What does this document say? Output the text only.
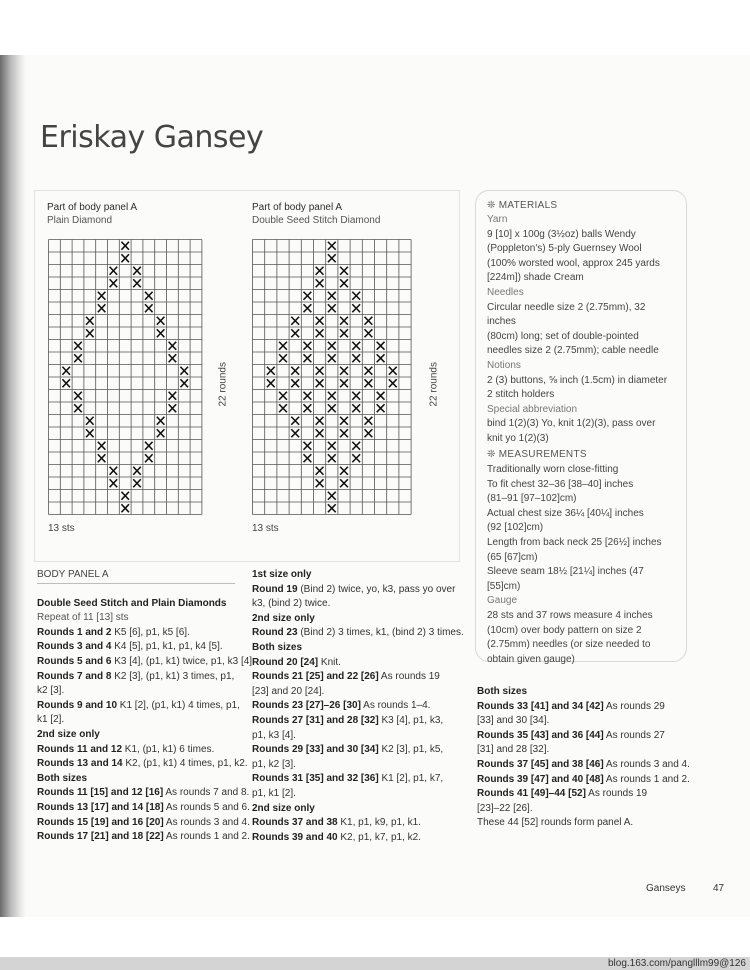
blog.163.com/panglllm99@126
Eriskay Gansey
Part of body panel A
Plain Diamond
22 rounds
13 sts
Part of body panel A
Double Seed Stitch Diamond
22 rounds
13 sts
❊ MATERIALS
Yarn
9 [10] x 100g (3½oz) balls Wendy
(Poppleton's) 5-ply Guernsey Wool
(100% worsted wool, approx 245 yards
[224m]) shade Cream
Needles
Circular needle size 2 (2.75mm), 32 inches
(80cm) long; set of double-pointed
needles size 2 (2.75mm); cable needle
Notions
2 (3) buttons, ⅝ inch (1.5cm) in diameter
2 stitch holders
Special abbreviation
bind 1(2)(3) Yo, knit 1(2)(3), pass over
knit yo 1(2)(3)
❊ MEASUREMENTS
Traditionally worn close-fitting
To fit chest 32–36 [38–40] inches
(81–91 [97–102]cm)
Actual chest size 36¼ [40¼] inches
(92 [102]cm)
Length from back neck 25 [26½] inches
(65 [67]cm)
Sleeve seam 18½ [21¼] inches (47 [55]cm)
Gauge
28 sts and 37 rows measure 4 inches
(10cm) over body pattern on size 2
(2.75mm) needles (or size needed to
obtain given gauge)
BODY PANEL A

Double Seed Stitch and Plain Diamonds
Repeat of 11 [13] sts
Rounds 1 and 2 K5 [6], p1, k5 [6].
Rounds 3 and 4 K4 [5], p1, k1, p1, k4 [5].
Rounds 5 and 6 K3 [4], (p1, k1) twice, p1, k3 [4].
Rounds 7 and 8 K2 [3], (p1, k1) 3 times, p1,
k2 [3].
Rounds 9 and 10 K1 [2], (p1, k1) 4 times, p1,
k1 [2].
2nd size only
Rounds 11 and 12 K1, (p1, k1) 6 times.
Rounds 13 and 14 K2, (p1, k1) 4 times, p1, k2.
Both sizes
Rounds 11 [15] and 12 [16] As rounds 7 and 8.
Rounds 13 [17] and 14 [18] As rounds 5 and 6.
Rounds 15 [19] and 16 [20] As rounds 3 and 4.
Rounds 17 [21] and 18 [22] As rounds 1 and 2.
1st size only
Round 19 (Bind 2) twice, yo, k3, pass yo over
k3, (bind 2) twice.
2nd size only
Round 23 (Bind 2) 3 times, k1, (bind 2) 3 times.
Both sizes
Round 20 [24] Knit.
Rounds 21 [25] and 22 [26] As rounds 19
[23] and 20 [24].
Rounds 23 [27]–26 [30] As rounds 1–4.
Rounds 27 [31] and 28 [32] K3 [4], p1, k3,
p1, k3 [4].
Rounds 29 [33] and 30 [34] K2 [3], p1, k5,
p1, k2 [3].
Rounds 31 [35] and 32 [36] K1 [2], p1, k7,
p1, k1 [2].
2nd size only
Rounds 37 and 38 K1, p1, k9, p1, k1.
Rounds 39 and 40 K2, p1, k7, p1, k2.
Both sizes
Rounds 33 [41] and 34 [42] As rounds 29
[33] and 30 [34].
Rounds 35 [43] and 36 [44] As rounds 27
[31] and 28 [32].
Rounds 37 [45] and 38 [46] As rounds 3 and 4.
Rounds 39 [47] and 40 [48] As rounds 1 and 2.
Rounds 41 [49]–44 [52] As rounds 19
[23]–22 [26].
These 44 [52] rounds form panel A.
Ganseys	47
